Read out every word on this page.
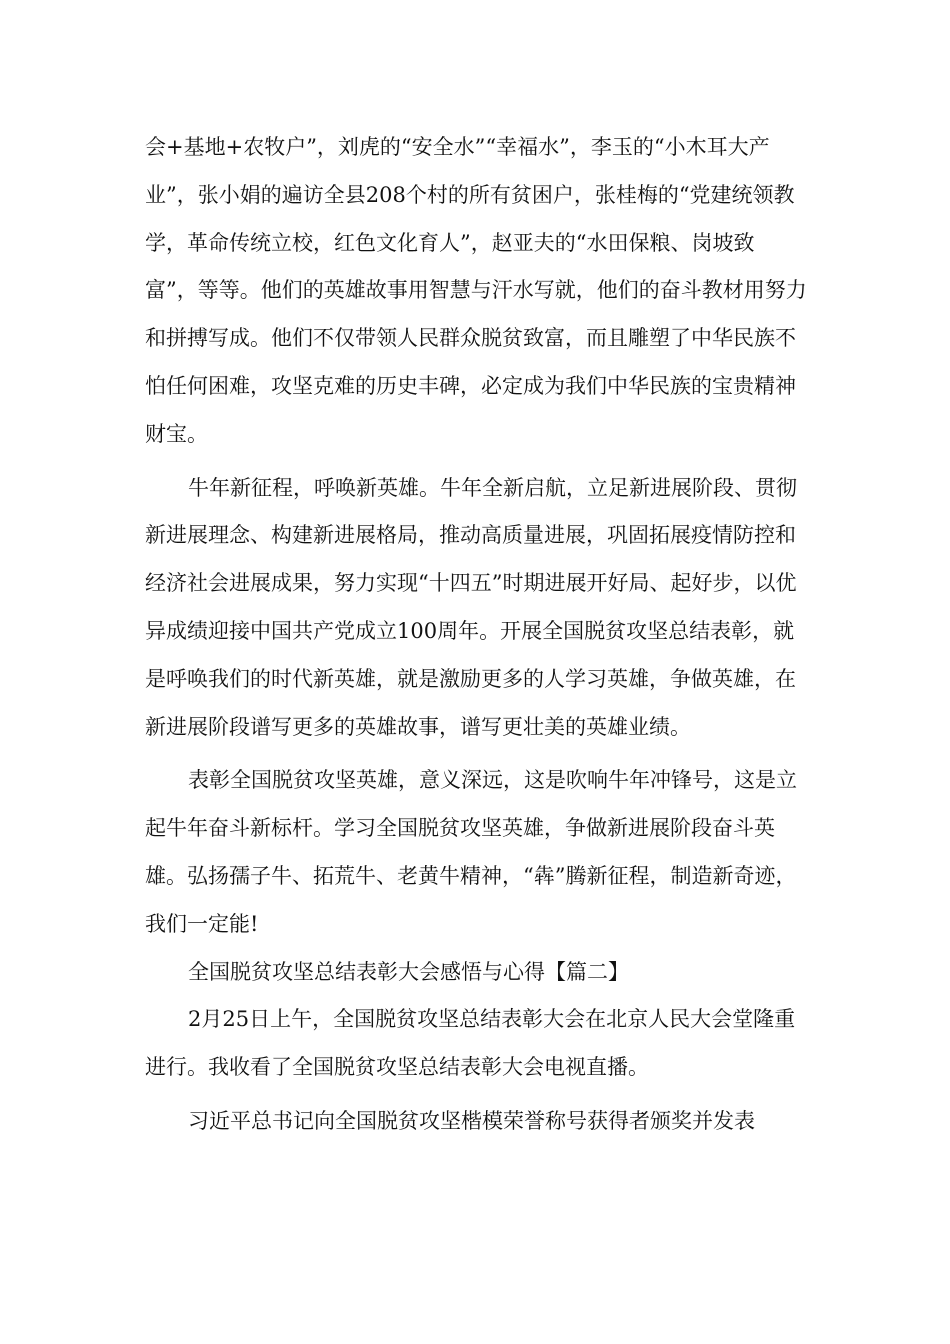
会+基地+农牧户”，刘虎的“安全水”“幸福水”，李玉的“小木耳大产业”，张小娟的遍访全县208个村的所有贫困户，张桂梅的“党建统领教学，革命传统立校，红色文化育人”，赵亚夫的“水田保粮、岗坡致富”，等等。他们的英雄故事用智慧与汗水写就，他们的奋斗教材用努力和拼搏写成。他们不仅带领人民群众脱贫致富，而且雕塑了中华民族不怕任何困难，攻坚克难的历史丰碑，必定成为我们中华民族的宝贵精神财宝。

牛年新征程，呼唤新英雄。牛年全新启航，立足新进展阶段、贯彻新进展理念、构建新进展格局，推动高质量进展，巩固拓展疫情防控和经济社会进展成果，努力实现“十四五”时期进展开好局、起好步，以优异成绩迎接中国共产党成立100周年。开展全国脱贫攻坚总结表彰，就是呼唤我们的时代新英雄，就是激励更多的人学习英雄，争做英雄，在新进展阶段谱写更多的英雄故事，谱写更壮美的英雄业绩。

表彰全国脱贫攻坚英雄，意义深远，这是吹响牛年冲锋号，这是立起牛年奋斗新标杆。学习全国脱贫攻坚英雄，争做新进展阶段奋斗英雄。弘扬孺子牛、拓荒牛、老黄牛精神，“犇”腾新征程，制造新奇迹，我们一定能!

全国脱贫攻坚总结表彰大会感悟与心得【篇二】

2月25日上午，全国脱贫攻坚总结表彰大会在北京人民大会堂隆重进行。我收看了全国脱贫攻坚总结表彰大会电视直播。

习近平总书记向全国脱贫攻坚楷模荣誉称号获得者颁奖并发表
